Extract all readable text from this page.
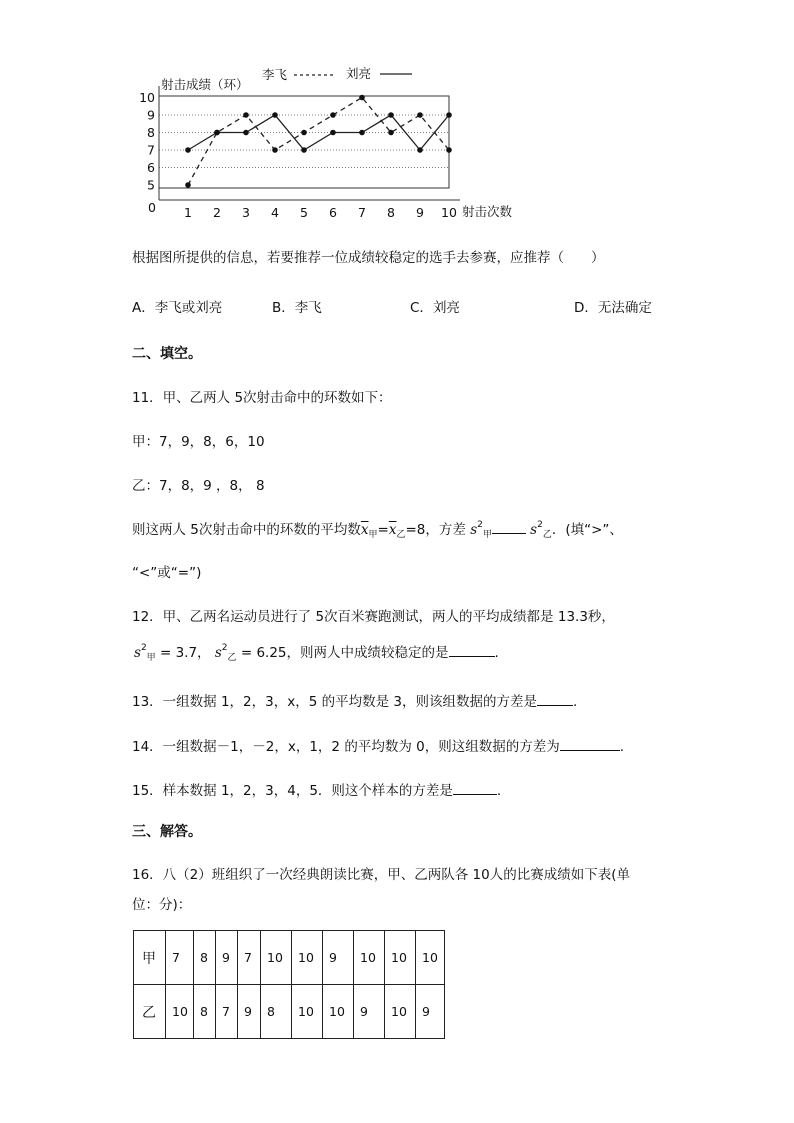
5
6
7
8
9
10
1 2 3 4 5 6 7 8 9 10
射击成绩（环）
射击次数
0
李飞	刘亮
根据图所提供的信息，若要推荐一位成绩较稳定的选手去参赛，应推荐（　　）
A．李飞或刘亮	B．李飞	C．刘亮	D．无法确定
二、填空。
11．甲、乙两人 5次射击命中的环数如下：
甲：7，9，8，6，10
乙：7，8，9 ，8， 8
则这两人 5次射击命中的环数的平均数$\overline{x}_甲=\overline{x}_乙=8$，方差 $s^2_甲$	$s^2_乙$．(填“>”、
“<”或“=”)
12．甲、乙两名运动员进行了 5次百米赛跑测试，两人的平均成绩都是 13.3秒，
$s^2_甲 = 3.7$， $s^2_乙 = 6.25$，则两人中成绩较稳定的是	.
13．一组数据 1，2，3，x，5 的平均数是 3，则该组数据的方差是	.
14．一组数据－1，－2，x，1，2 的平均数为 0，则这组数据的方差为	.
15．样本数据 1，2，3，4，5．则这个样本的方差是	.
三、解答。
16．八（2）班组织了一次经典朗读比赛，甲、乙两队各 10人的比赛成绩如下表(单
位：分)：
甲	7	8	9	7	10	10	9	10	10	10
乙	10	8	7	9	8	10	10	9	10	9
